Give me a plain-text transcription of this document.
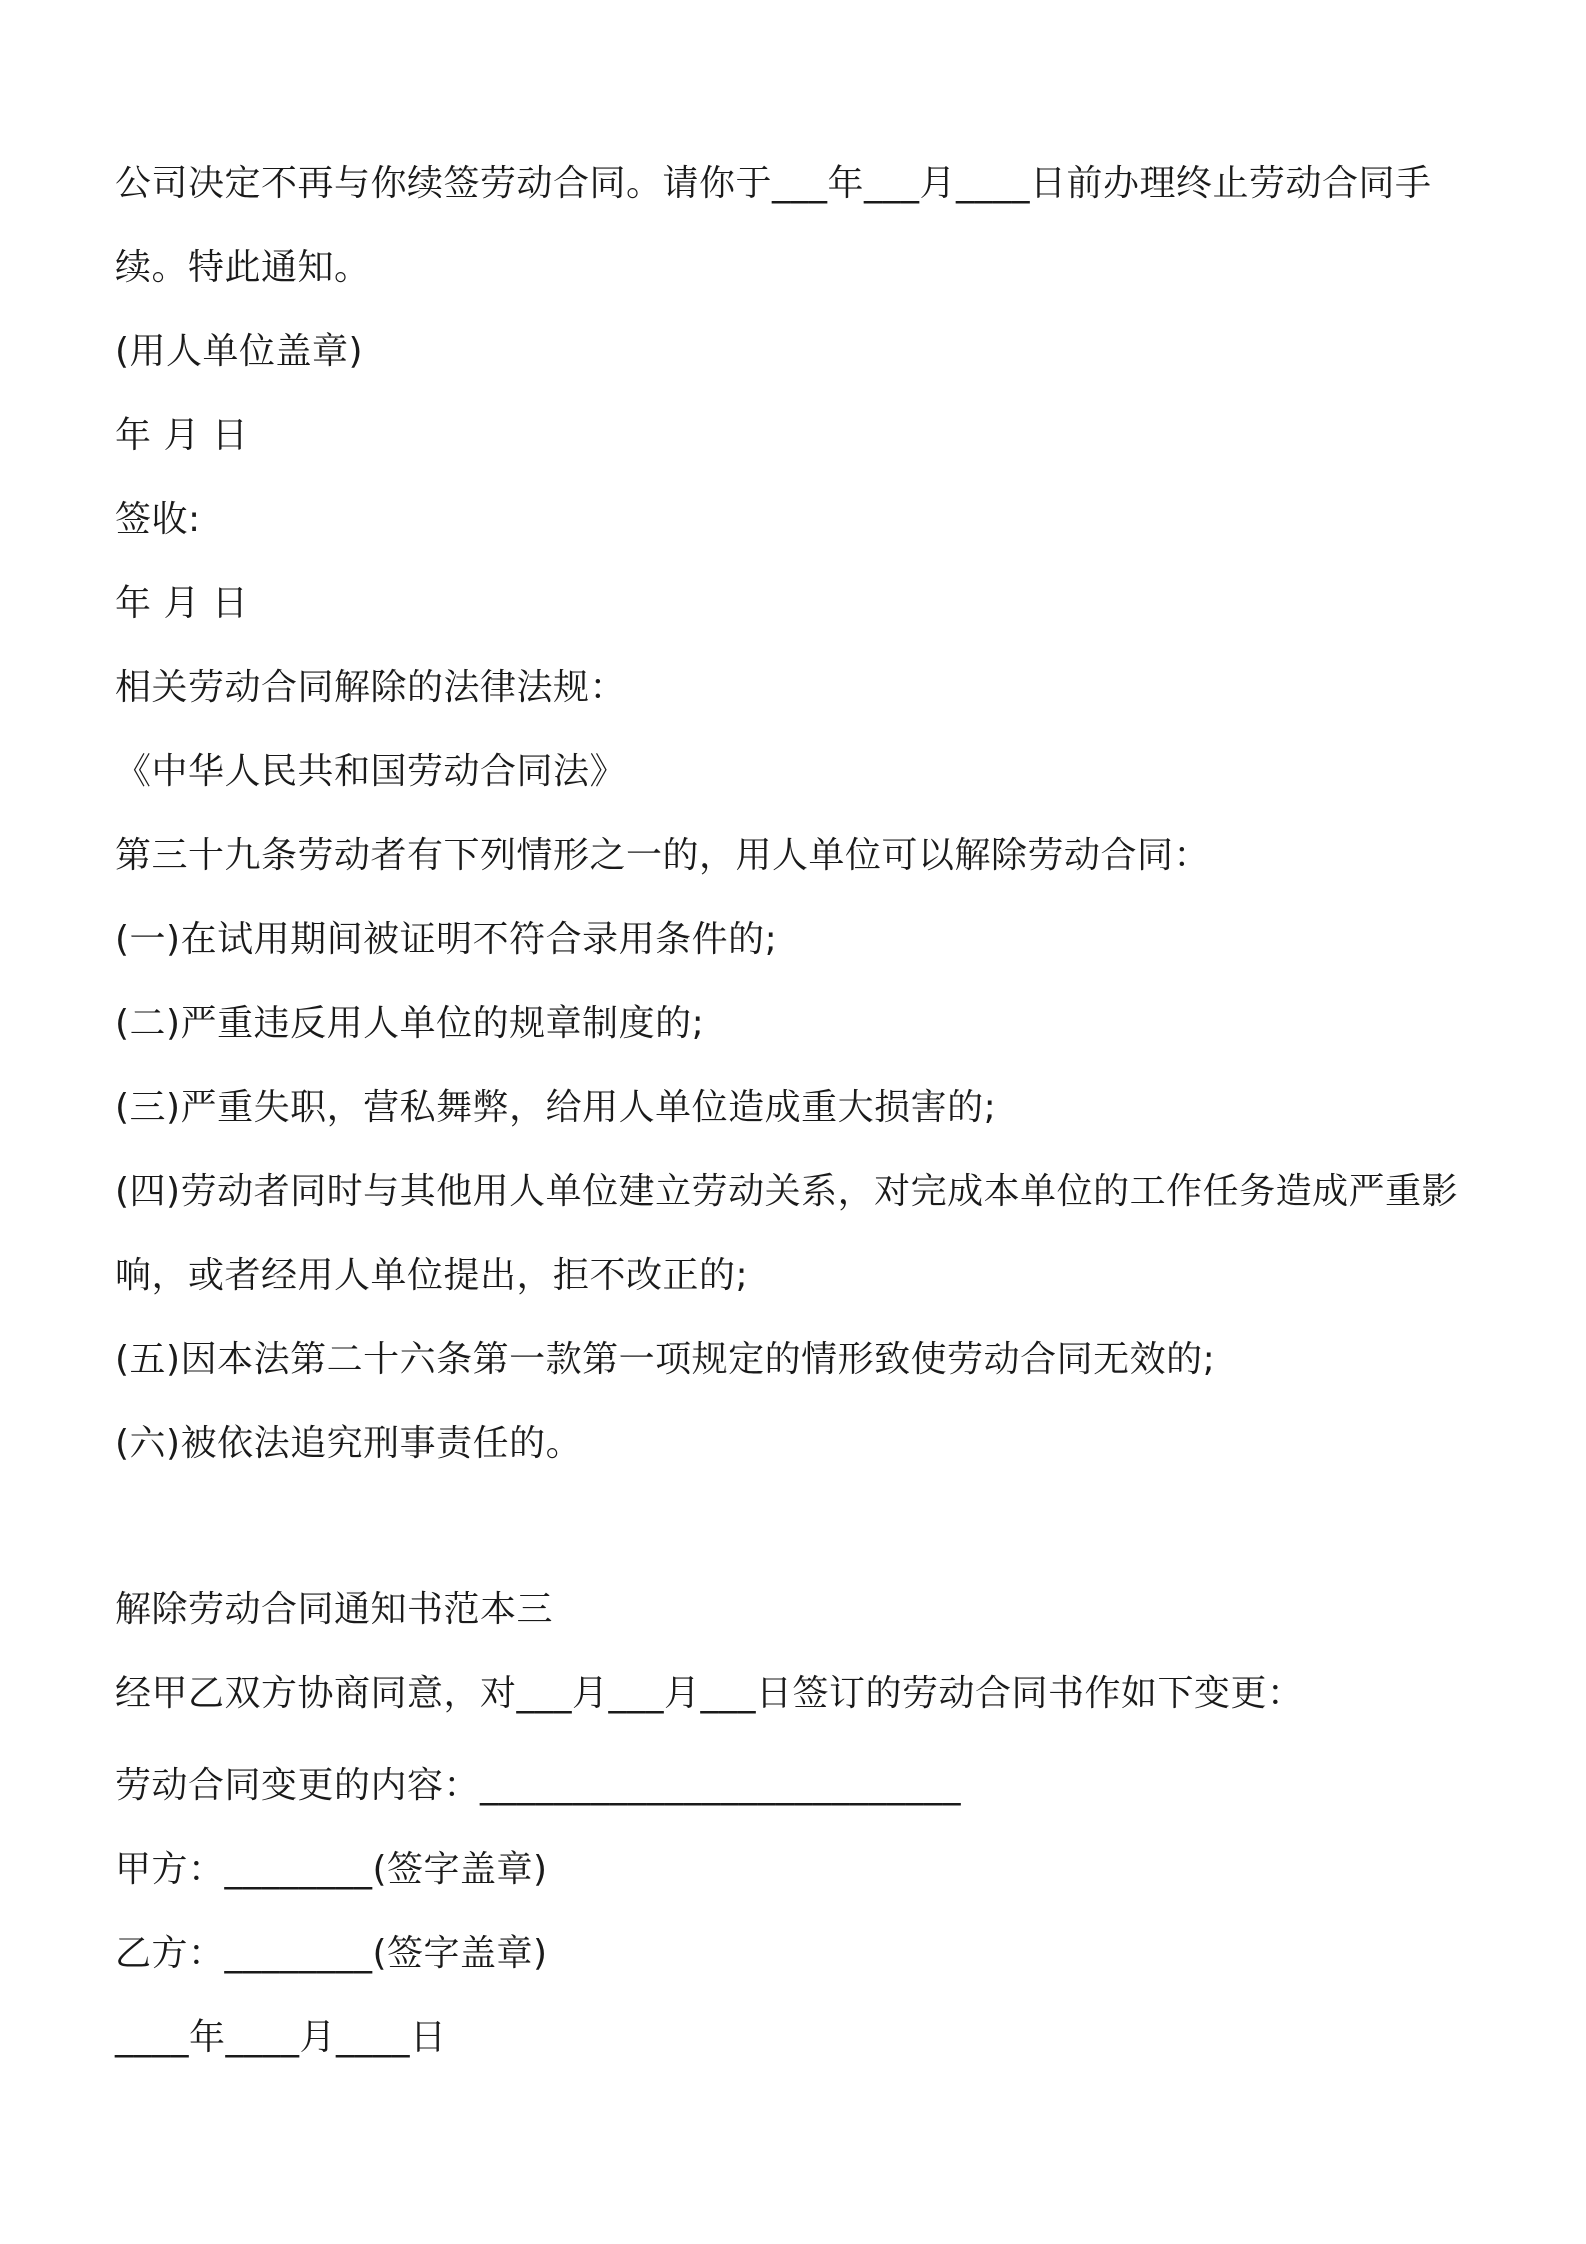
公司决定不再与你续签劳动合同。请你于___年___月____日前办理终止劳动合同手
续。特此通知。
(用人单位盖章)
年 月 日
签收:
年 月 日
相关劳动合同解除的法律法规：
《中华人民共和国劳动合同法》
第三十九条劳动者有下列情形之一的，用人单位可以解除劳动合同：
(一)在试用期间被证明不符合录用条件的;
(二)严重违反用人单位的规章制度的;
(三)严重失职，营私舞弊，给用人单位造成重大损害的;
(四)劳动者同时与其他用人单位建立劳动关系，对完成本单位的工作任务造成严重影
响，或者经用人单位提出，拒不改正的;
(五)因本法第二十六条第一款第一项规定的情形致使劳动合同无效的;
(六)被依法追究刑事责任的。
解除劳动合同通知书范本三
经甲乙双方协商同意，对___月___月___日签订的劳动合同书作如下变更：
劳动合同变更的内容：__________________________
甲方：________(签字盖章)
乙方：________(签字盖章)
____年____月____日
